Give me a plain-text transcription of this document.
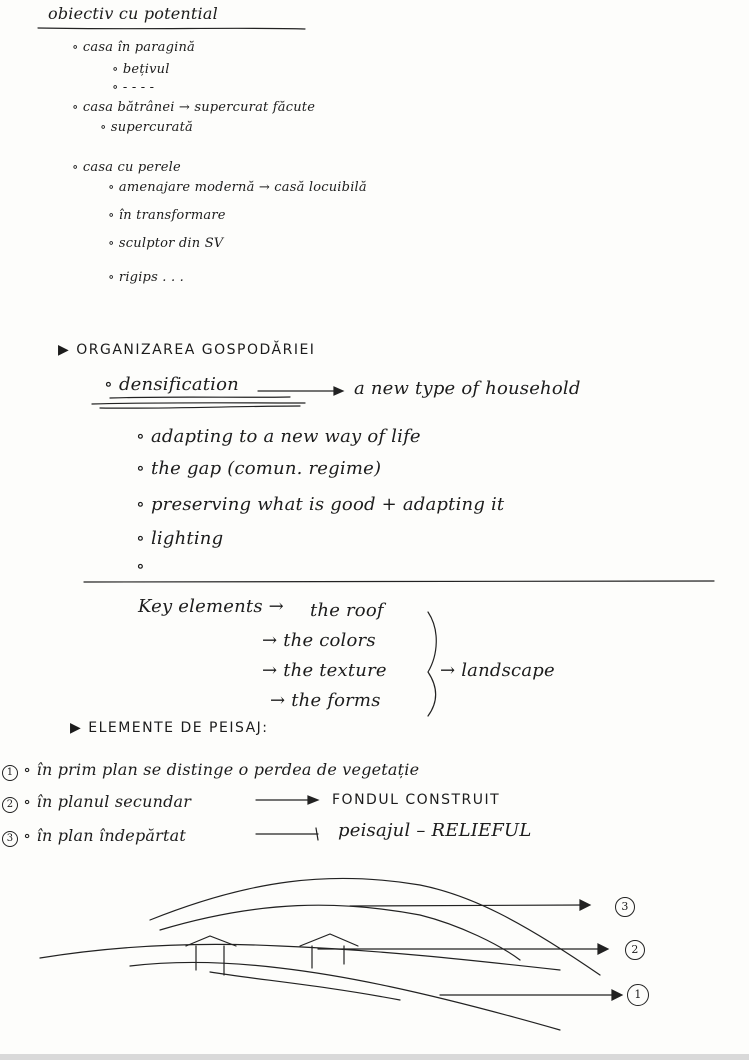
obiectiv cu potential
∘ casa în paragină
∘ bețivul
∘ - - - -
∘ casa bătrânei → supercurat făcute
∘ supercurată
∘ casa cu perele
∘ amenajare modernă → casă locuibilă
∘ în transformare
∘ sculptor din SV
∘ rigips . . .
▶ ORGANIZAREA GOSPODĂRIEI
∘ densification	a new type of household
∘ adapting to a new way of life
∘ the gap (comun. regime)
∘ preserving what is good + adapting it
∘ lighting
∘
Key elements → the roof
→ the colors
→ the texture
→ the forms
→ landscape
▶ ELEMENTE DE PEISAJ:
1 ∘ în prim plan se distinge o perdea de vegetație
2 ∘ în planul secundar	FONDUL CONSTRUIT
3 ∘ în plan îndepărtat	peisajul – RELIEFUL
3
2
1
